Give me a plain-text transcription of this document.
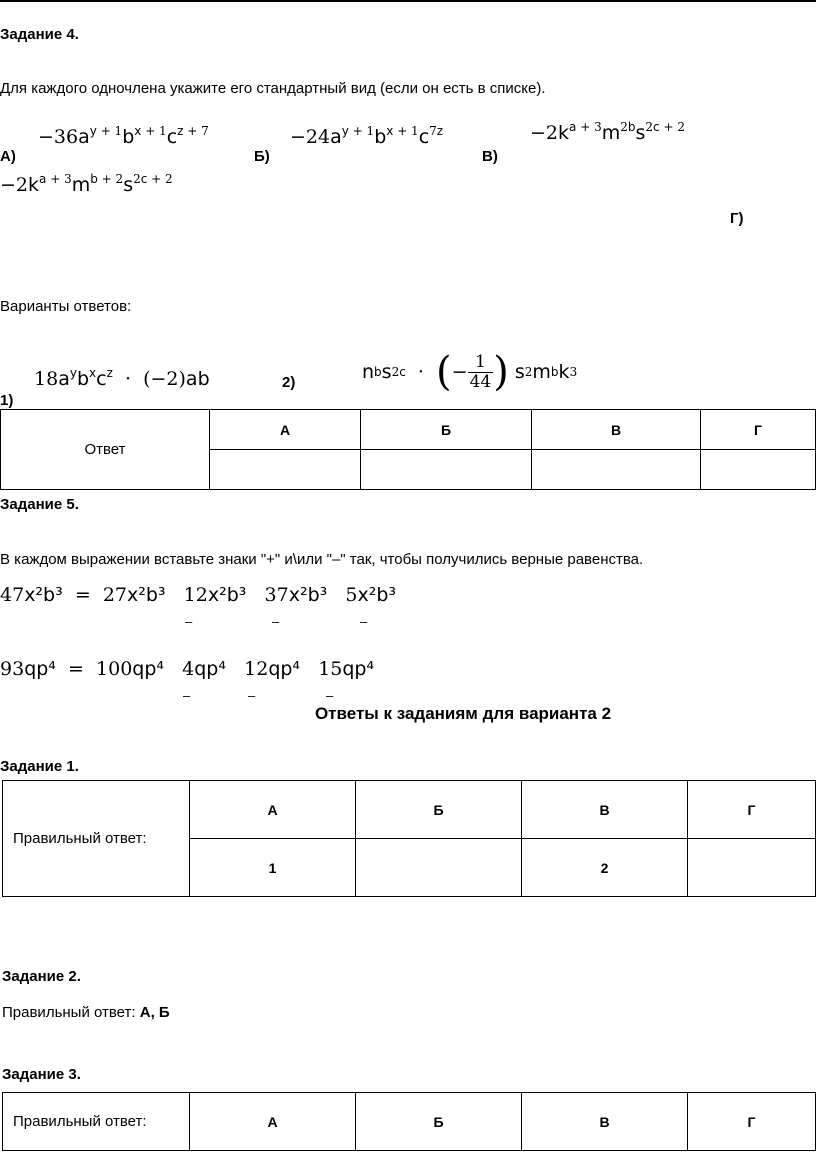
Задание 4.
Для каждого одночлена укажите его стандартный вид (если он есть в списке).
$-36a^{y + 1}b^{x + 1}c^{z + 7}$
А)
$-24a^{y + 1}b^{x + 1}c^{7z}$
Б)
$-2k^{a + 3}m^{2b}s^{2c + 2}$
В)
$-2k^{a + 3}m^{b + 2}s^{2c + 2}$
Г)
Варианты ответов:
$18a^yb^xc^z \cdot (-2)ab$
1)
2)	n b s 2c · ( − $\frac{1}{44}$ )
s 2 m b k 3
Ответ	А	Б	В	Г

Задание 5.
В каждом выражении вставьте знаки "+" и\или "–" так, чтобы получились верные равенства.
47x²b³  =  27x²b³ 12x²b³ 37x²b³ 5x²b³
–	–	–
93qp⁴  =  100qp⁴ 4qp⁴ 12qp⁴ 15qp⁴
–	–	–
Ответы к заданиям для варианта 2
Задание 1.
Правильный ответ:	А	Б	В	Г
	1		2	
Задание 2.
Правильный ответ: А, Б
Задание 3.
Правильный ответ:	А	Б	В	Г
